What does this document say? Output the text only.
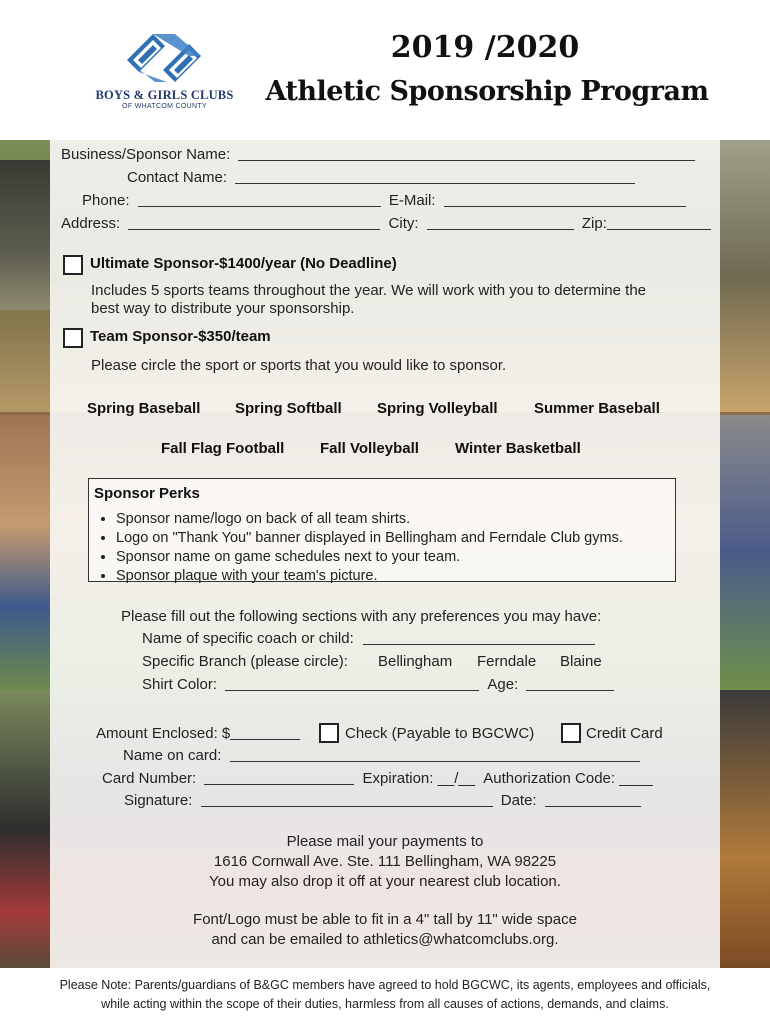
BOYS & GIRLS CLUBS
OF WHATCOM COUNTY
2019 /2020
Athletic Sponsorship Program
Business/Sponsor Name:
Contact Name:
Phone:	E-Mail:
Address:	City:	Zip:
Ultimate Sponsor-$1400/year (No Deadline)
Includes 5 sports teams throughout the year. We will work with you to determine the
best way to distribute your sponsorship.
Team Sponsor-$350/team
Please circle the sport or sports that you would like to sponsor.
Spring Baseball Spring Softball Spring Volleyball Summer Baseball
Fall Flag Football Fall Volleyball Winter Basketball
Sponsor Perks
• Sponsor name/logo on back of all team shirts.
• Logo on "Thank You" banner displayed in Bellingham and Ferndale Club gyms.
• Sponsor name on game schedules next to your team.
• Sponsor plaque with your team's picture.
Please fill out the following sections with any preferences you may have:
Name of specific coach or child:
Specific Branch (please circle): Bellingham Ferndale Blaine
Shirt Color:	Age:
Amount Enclosed: $	Check (Payable to BGCWC)	Credit Card
Name on card:
Card Number:	Expiration: __/__ Authorization Code: ____
Signature:	Date:
Please mail your payments to
1616 Cornwall Ave. Ste. 111 Bellingham, WA 98225
You may also drop it off at your nearest club location.
Font/Logo must be able to fit in a 4" tall by 11" wide space
and can be emailed to athletics@whatcomclubs.org.
Please Note: Parents/guardians of B&GC members have agreed to hold BGCWC, its agents, employees and officials,
while acting within the scope of their duties, harmless from all causes of actions, demands, and claims.
